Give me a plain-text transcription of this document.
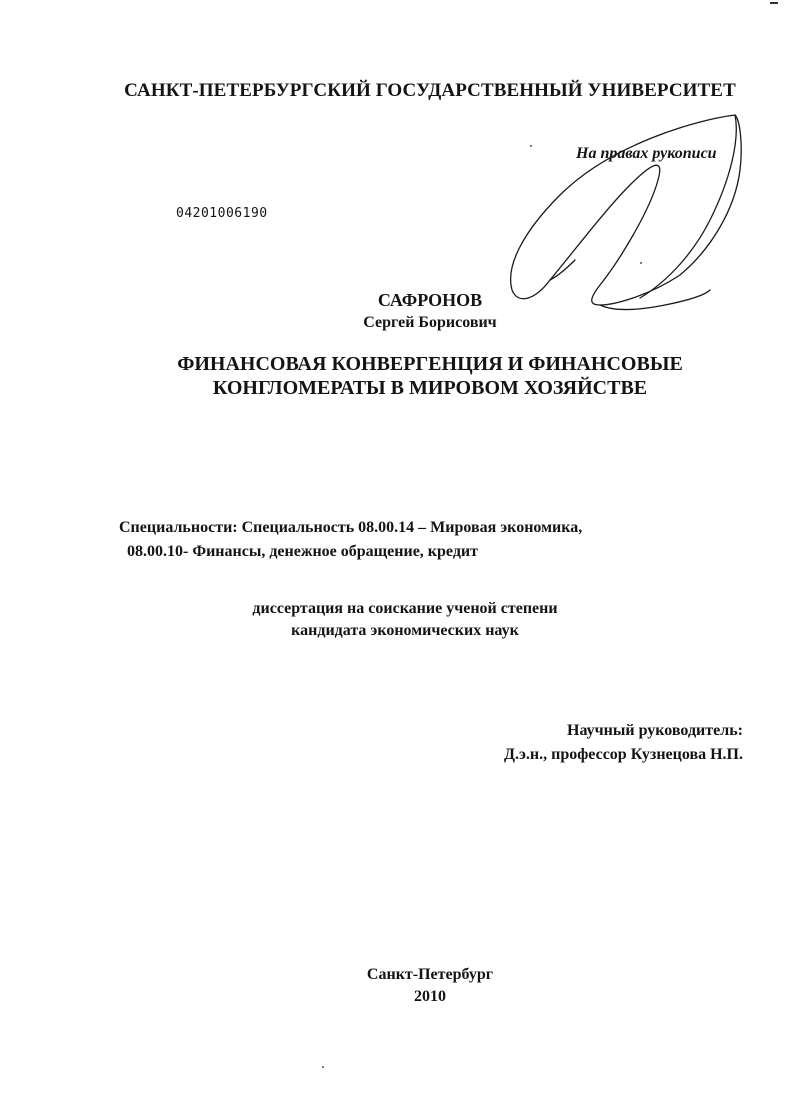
САНКТ-ПЕТЕРБУРГСКИЙ ГОСУДАРСТВЕННЫЙ УНИВЕРСИТЕТ
На правах рукописи
04201006190
САФРОНОВ
Сергей Борисович
ФИНАНСОВАЯ КОНВЕРГЕНЦИЯ И ФИНАНСОВЫЕ
КОНГЛОМЕРАТЫ В МИРОВОМ ХОЗЯЙСТВЕ
Специальности: Специальность 08.00.14 – Мировая экономика,
08.00.10- Финансы, денежное обращение, кредит
диссертация на соискание ученой степени
кандидата экономических наук
Научный руководитель:
Д.э.н., профессор Кузнецова Н.П.
Санкт-Петербург
2010
